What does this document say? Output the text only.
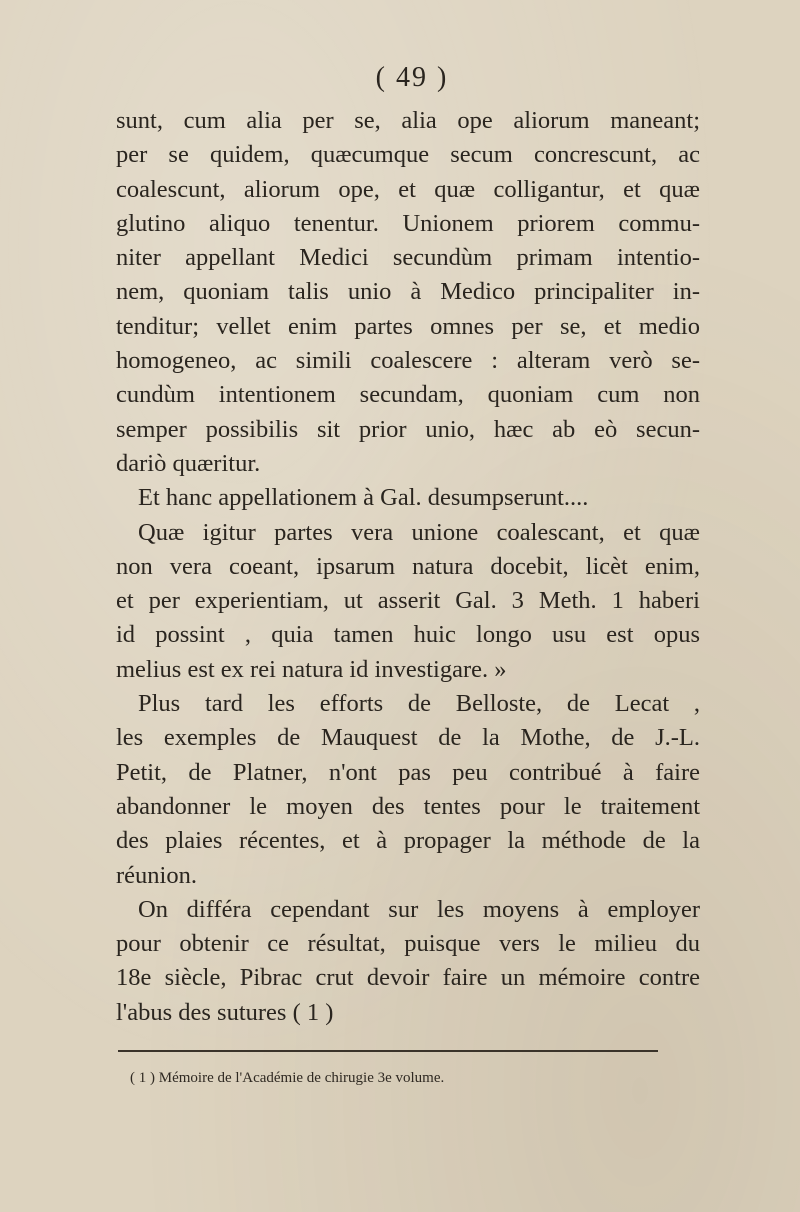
( 49 )
sunt, cum alia per se, alia ope aliorum maneant;
per se quidem, quæcumque secum concrescunt, ac
coalescunt, aliorum ope, et quæ colligantur, et quæ
glutino aliquo tenentur. Unionem priorem commu-
niter appellant Medici secundùm primam intentio-
nem, quoniam talis unio à Medico principaliter in-
tenditur; vellet enim partes omnes per se, et medio
homogeneo, ac simili coalescere : alteram verò se-
cundùm intentionem secundam, quoniam cum non
semper possibilis sit prior unio, hæc ab eò secun-
dariò quæritur.
Et hanc appellationem à Gal. desumpserunt....
Quæ igitur partes vera unione coalescant, et quæ
non vera coeant, ipsarum natura docebit, licèt enim,
et per experientiam, ut asserit Gal. 3 Meth. 1 haberi
id possint , quia tamen huic longo usu est opus
melius est ex rei natura id investigare. »
Plus tard les efforts de Belloste, de Lecat ,
les exemples de Mauquest de la Mothe, de J.-L.
Petit, de Platner, n'ont pas peu contribué à faire
abandonner le moyen des tentes pour le traitement
des plaies récentes, et à propager la méthode de la
réunion.
On différa cependant sur les moyens à employer
pour obtenir ce résultat, puisque vers le milieu du
18e siècle, Pibrac crut devoir faire un mémoire contre
l'abus des sutures ( 1 )
( 1 ) Mémoire de l'Académie de chirugie 3e volume.
